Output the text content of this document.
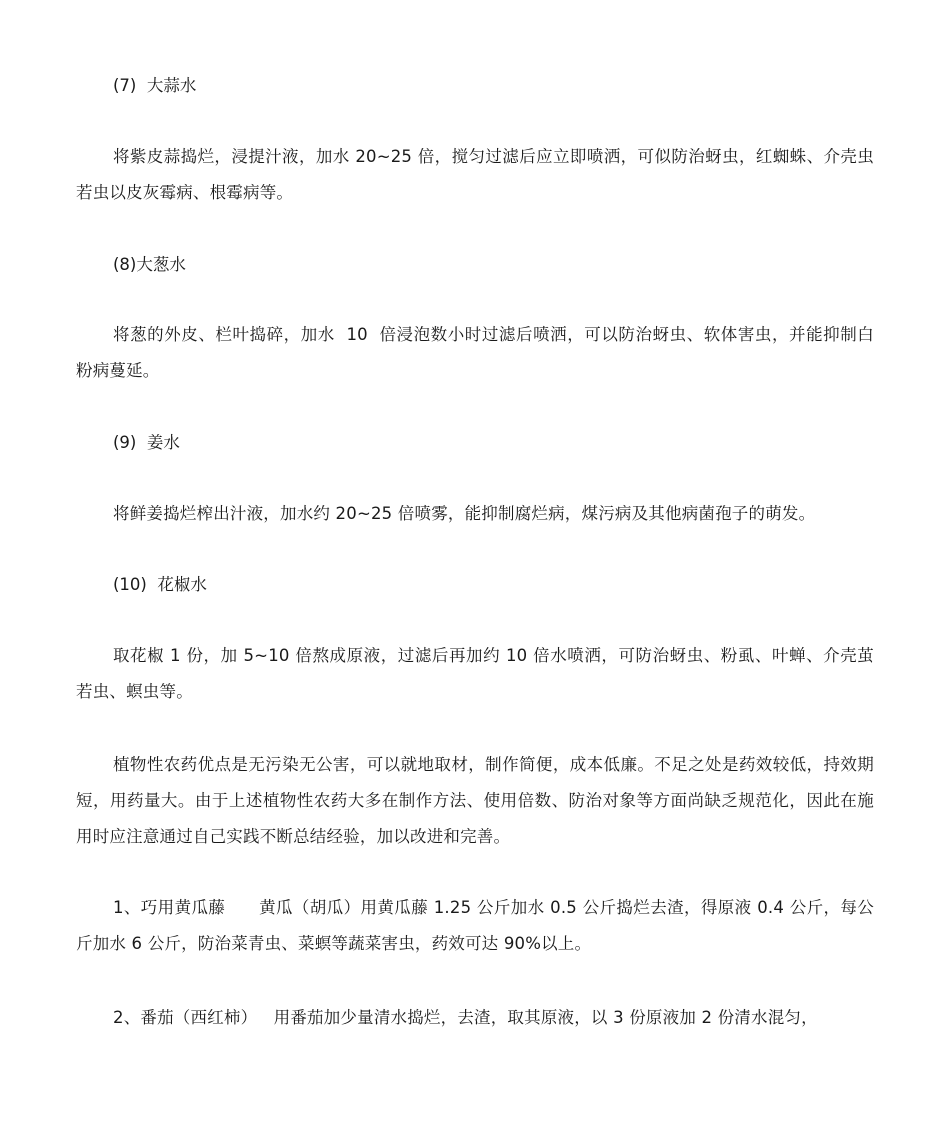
(7)  大蒜水

将紫皮蒜捣烂，浸提汁液，加水 20~25 倍，搅匀过滤后应立即喷洒，可似防治蚜虫，红蜘蛛、介壳虫若虫以皮灰霉病、根霉病等。

(8)大葱水

将葱的外皮、栏叶捣碎，加水  10  倍浸泡数小时过滤后喷洒，可以防治蚜虫、软体害虫，并能抑制白粉病蔓延。

(9)  姜水

将鲜姜捣烂榨出汁液，加水约 20~25 倍喷雾，能抑制腐烂病，煤污病及其他病菌孢子的萌发。

(10)  花椒水

取花椒 1 份，加 5~10 倍熬成原液，过滤后再加约 10 倍水喷洒，可防治蚜虫、粉虱、叶蝉、介壳茧若虫、螟虫等。

植物性农药优点是无污染无公害，可以就地取材，制作简便，成本低廉。不足之处是药效较低，持效期短，用药量大。由于上述植物性农药大多在制作方法、使用倍数、防治对象等方面尚缺乏规范化，因此在施用时应注意通过自己实践不断总结经验，加以改进和完善。

1、巧用黄瓜藤      黄瓜（胡瓜）用黄瓜藤 1.25 公斤加水 0.5 公斤捣烂去渣，得原液 0.4 公斤，每公斤加水 6 公斤，防治菜青虫、菜螟等蔬菜害虫，药效可达 90%以上。

2、番茄（西红柿）   用番茄加少量清水捣烂，去渣，取其原液，以 3 份原液加 2 份清水混匀，
